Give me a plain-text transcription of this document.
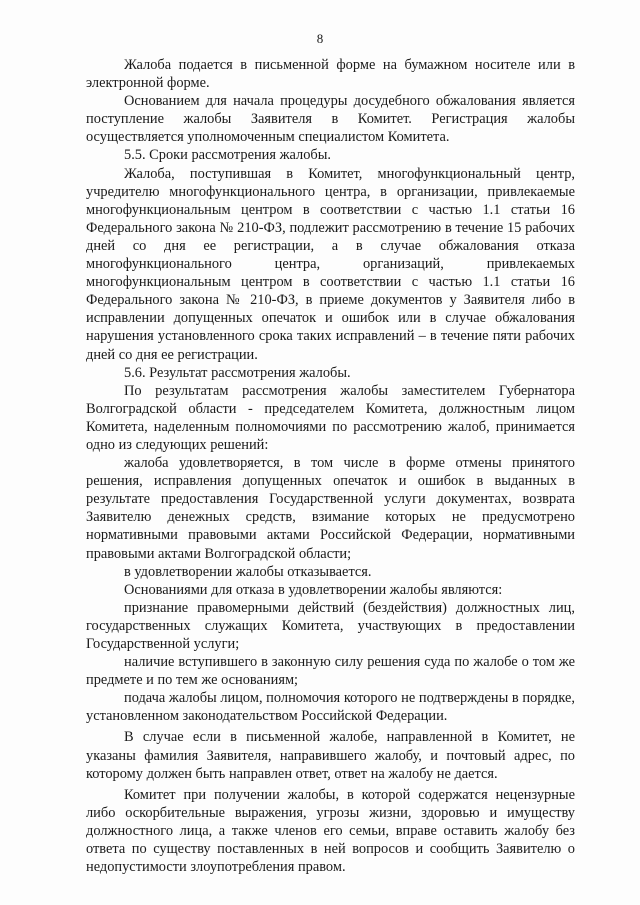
8

Жалоба подается в письменной форме на бумажном носителе или в электронной форме.

Основанием для начала процедуры досудебного обжалования является поступление жалобы Заявителя в Комитет. Регистрация жалобы осуществляется уполномоченным специалистом Комитета.

5.5. Сроки рассмотрения жалобы.

Жалоба, поступившая в Комитет, многофункциональный центр, учредителю многофункционального центра, в организации, привлекаемые многофункциональным центром в соответствии с частью 1.1 статьи 16 Федерального закона № 210-ФЗ, подлежит рассмотрению в течение 15 рабочих дней со дня ее регистрации, а в случае обжалования отказа многофункционального центра, организаций, привлекаемых многофункциональным центром в соответствии с частью 1.1 статьи 16 Федерального закона № 210-ФЗ, в приеме документов у Заявителя либо в исправлении допущенных опечаток и ошибок или в случае обжалования нарушения установленного срока таких исправлений – в течение пяти рабочих дней со дня ее регистрации.

5.6. Результат рассмотрения жалобы.

По результатам рассмотрения жалобы заместителем Губернатора Волгоградской области - председателем Комитета, должностным лицом Комитета, наделенным полномочиями по рассмотрению жалоб, принимается одно из следующих решений:

жалоба удовлетворяется, в том числе в форме отмены принятого решения, исправления допущенных опечаток и ошибок в выданных в результате предоставления Государственной услуги документах, возврата Заявителю денежных средств, взимание которых не предусмотрено нормативными правовыми актами Российской Федерации, нормативными правовыми актами Волгоградской области;

в удовлетворении жалобы отказывается.

Основаниями для отказа в удовлетворении жалобы являются:

признание правомерными действий (бездействия) должностных лиц, государственных служащих Комитета, участвующих в предоставлении Государственной услуги;

наличие вступившего в законную силу решения суда по жалобе о том же предмете и по тем же основаниям;

подача жалобы лицом, полномочия которого не подтверждены в порядке, установленном законодательством Российской Федерации.

В случае если в письменной жалобе, направленной в Комитет, не указаны фамилия Заявителя, направившего жалобу, и почтовый адрес, по которому должен быть направлен ответ, ответ на жалобу не дается.

Комитет при получении жалобы, в которой содержатся нецензурные либо оскорбительные выражения, угрозы жизни, здоровью и имуществу должностного лица, а также членов его семьи, вправе оставить жалобу без ответа по существу поставленных в ней вопросов и сообщить Заявителю о недопустимости злоупотребления правом.
